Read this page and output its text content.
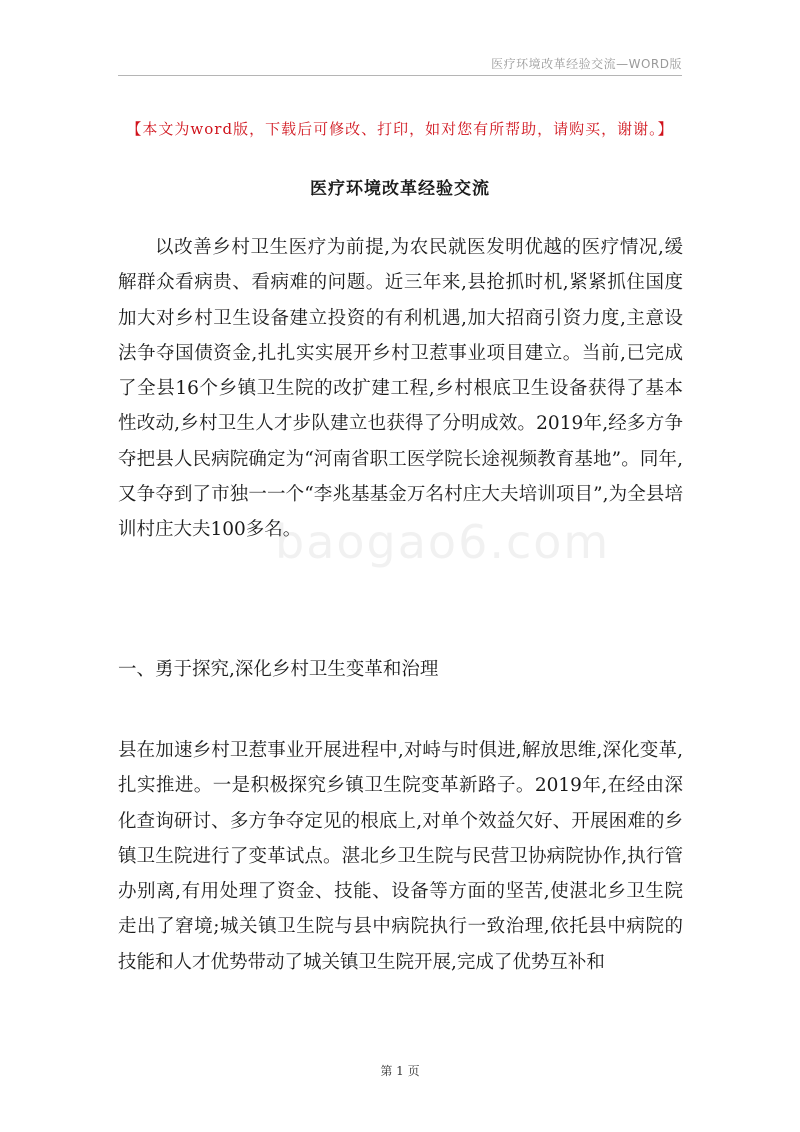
医疗环境改革经验交流—WORD版
【本文为word版，下载后可修改、打印，如对您有所帮助，请购买，谢谢。】
医疗环境改革经验交流

以改善乡村卫生医疗为前提,为农民就医发明优越的医疗情况,缓解群众看病贵、看病难的问题。近三年来,县抢抓时机,紧紧抓住国度加大对乡村卫生设备建立投资的有利机遇,加大招商引资力度,主意设法争夺国债资金,扎扎实实展开乡村卫惹事业项目建立。当前,已完成了全县16个乡镇卫生院的改扩建工程,乡村根底卫生设备获得了基本性改动,乡村卫生人才步队建立也获得了分明成效。2019年,经多方争夺把县人民病院确定为“河南省职工医学院长途视频教育基地”。同年,又争夺到了市独一一个“李兆基基金万名村庄大夫培训项目”,为全县培训村庄大夫100多名。

baogao6.com

一、勇于探究,深化乡村卫生变革和治理

县在加速乡村卫惹事业开展进程中,对峙与时俱进,解放思维,深化变革,扎实推进。一是积极探究乡镇卫生院变革新路子。2019年,在经由深化查询研讨、多方争夺定见的根底上,对单个效益欠好、开展困难的乡镇卫生院进行了变革试点。湛北乡卫生院与民营卫协病院协作,执行管办别离,有用处理了资金、技能、设备等方面的坚苦,使湛北乡卫生院走出了窘境;城关镇卫生院与县中病院执行一致治理,依托县中病院的技能和人才优势带动了城关镇卫生院开展,完成了优势互补和

第 1 页
